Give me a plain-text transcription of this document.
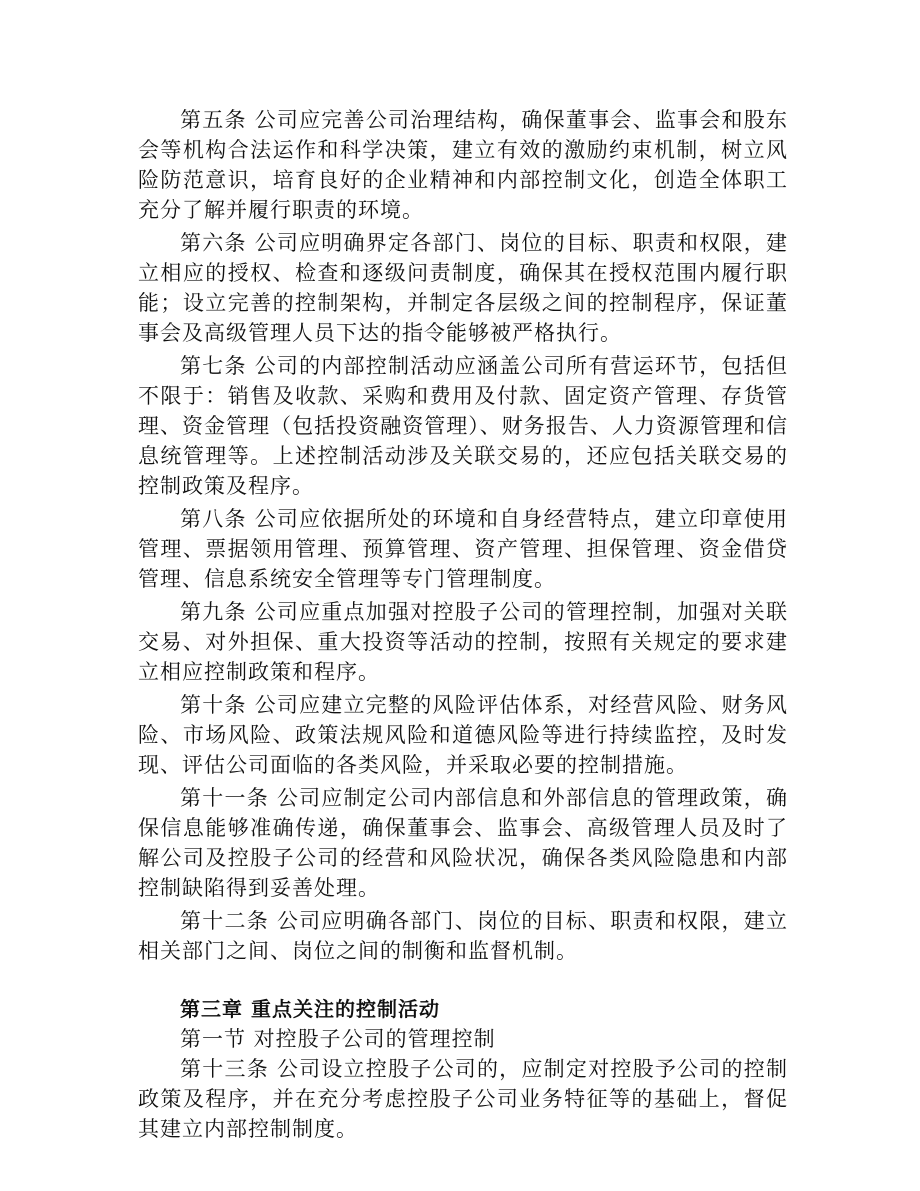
第五条 公司应完善公司治理结构，确保董事会、监事会和股东会等机构合法运作和科学决策，建立有效的激励约束机制，树立风险防范意识，培育良好的企业精神和内部控制文化，创造全体职工充分了解并履行职责的环境。

第六条 公司应明确界定各部门、岗位的目标、职责和权限，建立相应的授权、检查和逐级问责制度，确保其在授权范围内履行职能；设立完善的控制架构，并制定各层级之间的控制程序，保证董事会及高级管理人员下达的指令能够被严格执行。

第七条 公司的内部控制活动应涵盖公司所有营运环节，包括但不限于：销售及收款、采购和费用及付款、固定资产管理、存货管理、资金管理（包括投资融资管理）、财务报告、人力资源管理和信息统管理等。上述控制活动涉及关联交易的，还应包括关联交易的控制政策及程序。

第八条 公司应依据所处的环境和自身经营特点，建立印章使用管理、票据领用管理、预算管理、资产管理、担保管理、资金借贷管理、信息系统安全管理等专门管理制度。

第九条 公司应重点加强对控股子公司的管理控制，加强对关联交易、对外担保、重大投资等活动的控制，按照有关规定的要求建立相应控制政策和程序。

第十条 公司应建立完整的风险评估体系，对经营风险、财务风险、市场风险、政策法规风险和道德风险等进行持续监控，及时发现、评估公司面临的各类风险，并采取必要的控制措施。

第十一条 公司应制定公司内部信息和外部信息的管理政策，确保信息能够准确传递，确保董事会、监事会、高级管理人员及时了解公司及控股子公司的经营和风险状况，确保各类风险隐患和内部控制缺陷得到妥善处理。

第十二条 公司应明确各部门、岗位的目标、职责和权限，建立相关部门之间、岗位之间的制衡和监督机制。

第三章 重点关注的控制活动

第一节 对控股子公司的管理控制

第十三条 公司设立控股子公司的，应制定对控股予公司的控制政策及程序，并在充分考虑控股子公司业务特征等的基础上，督促其建立内部控制制度。
